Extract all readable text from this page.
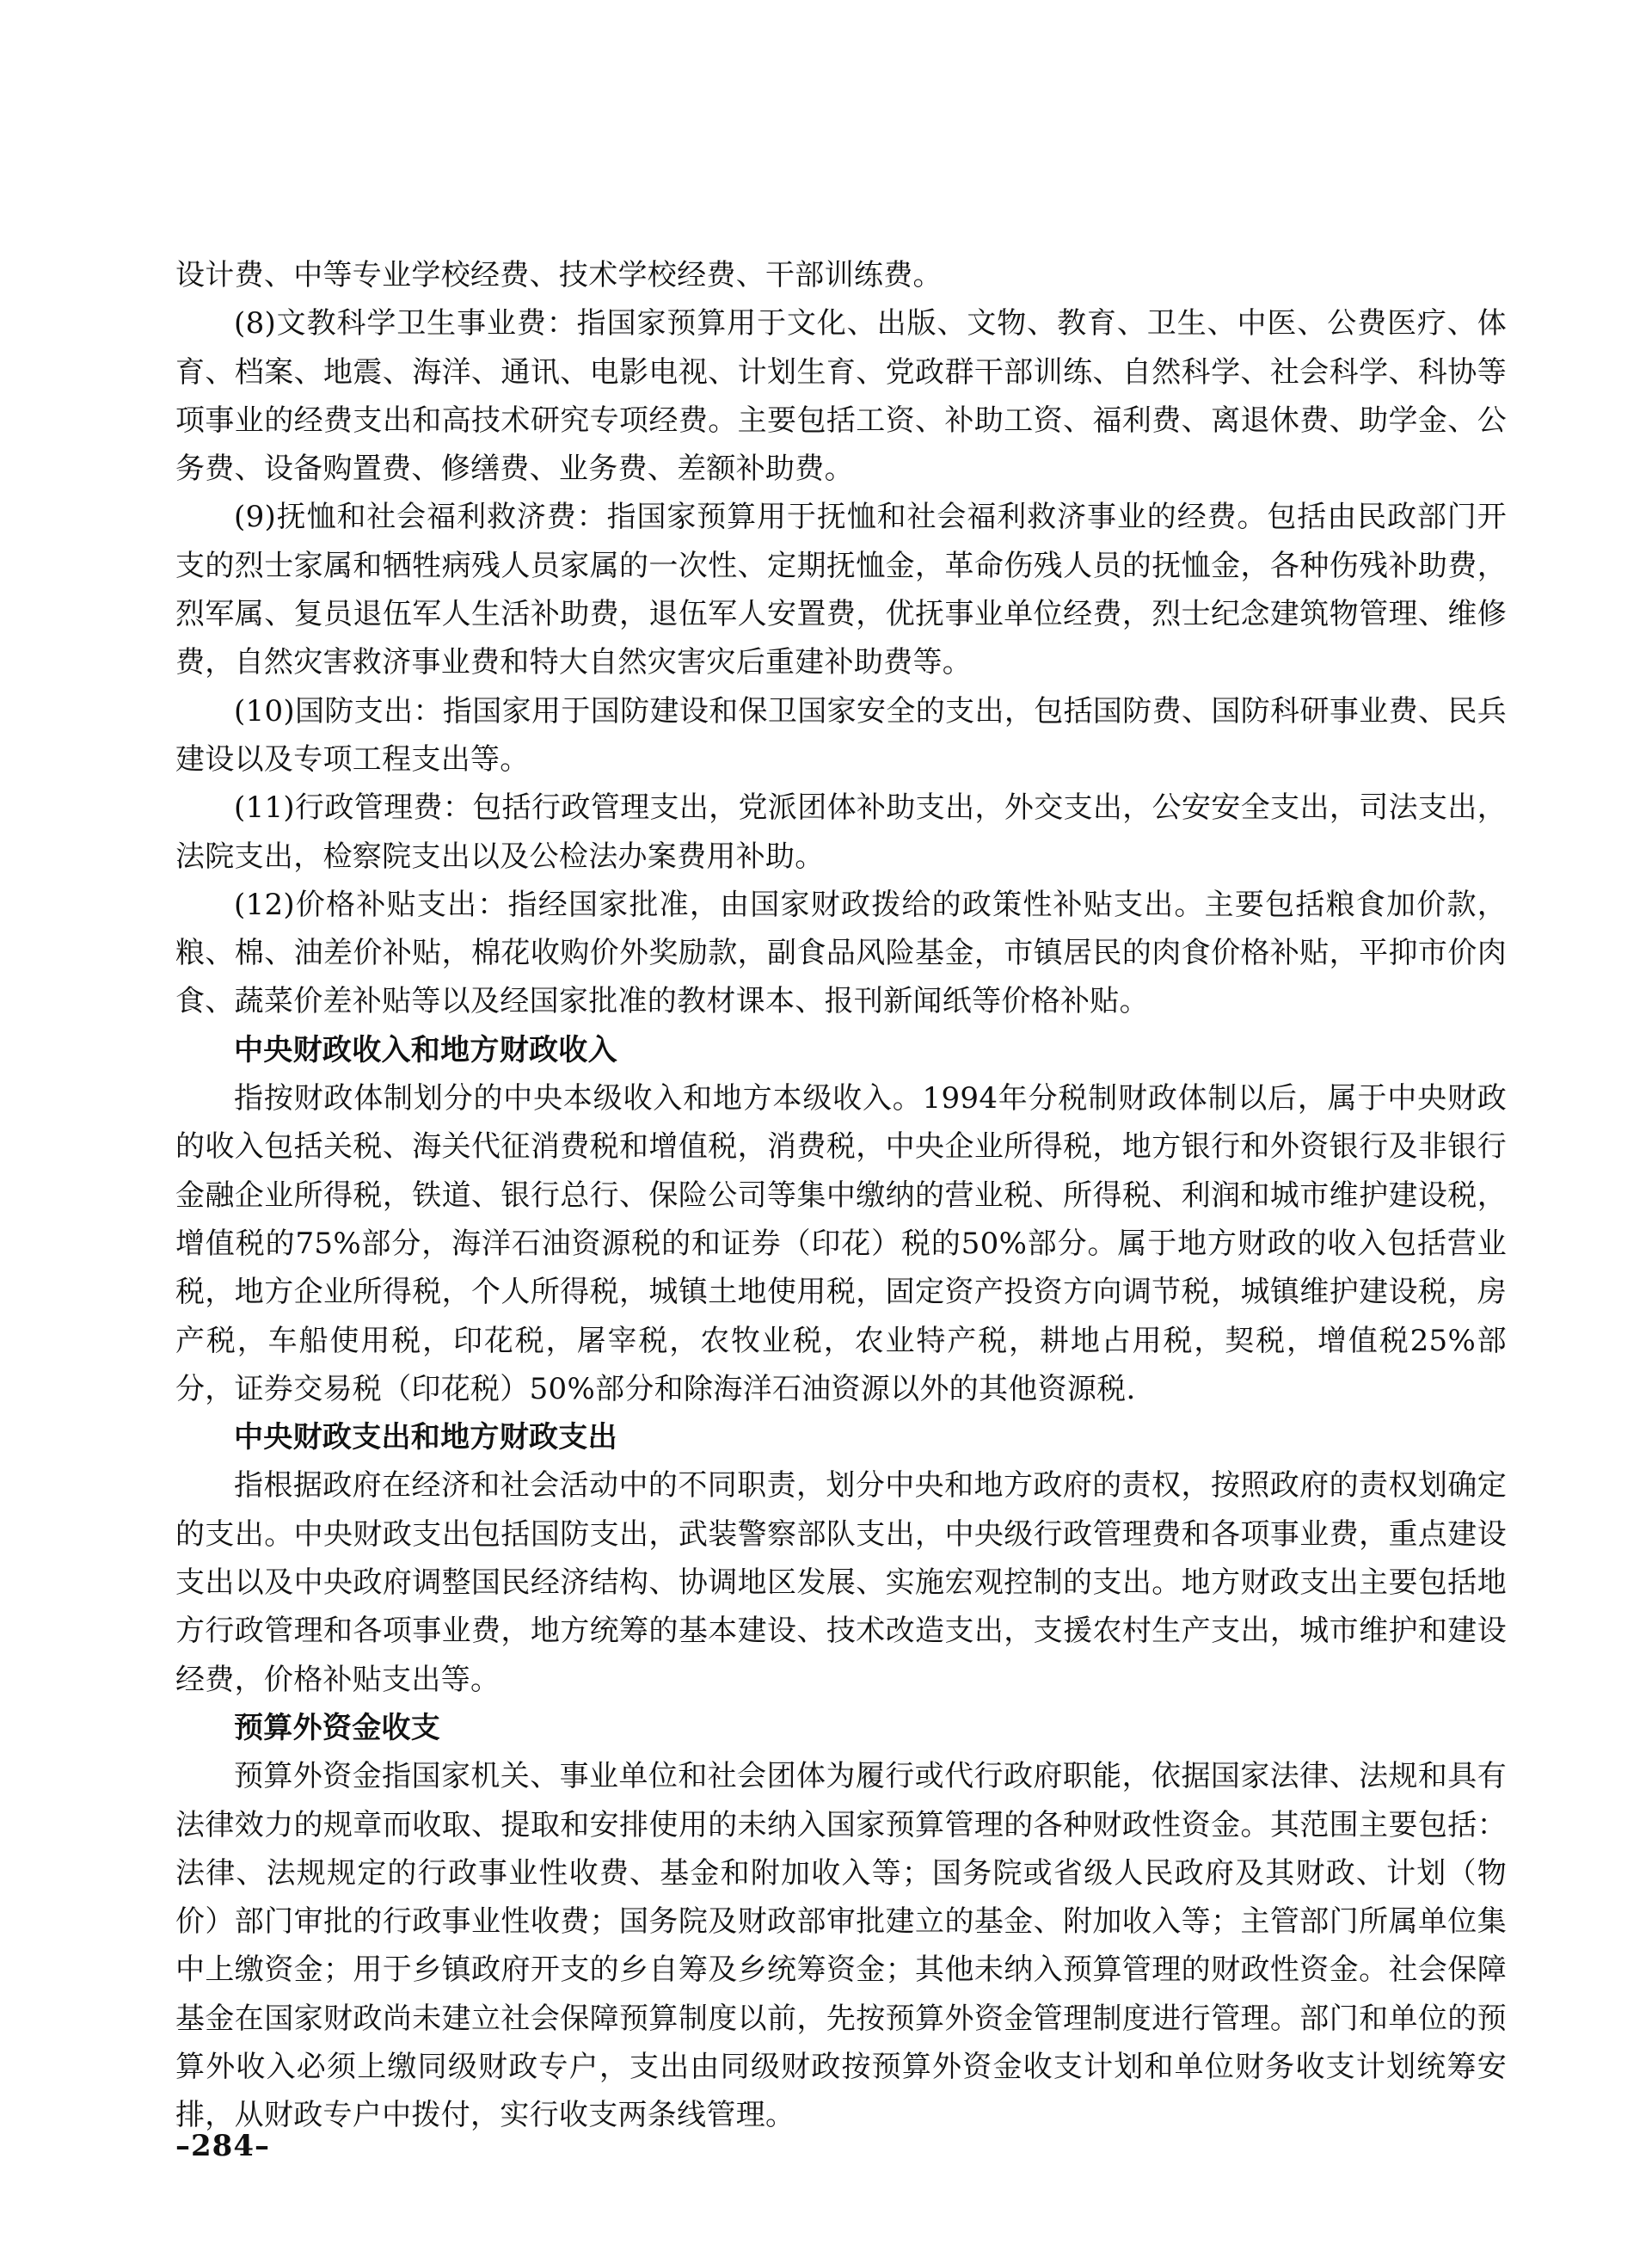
设计费、中等专业学校经费、技术学校经费、干部训练费。

(8)文教科学卫生事业费：指国家预算用于文化、出版、文物、教育、卫生、中医、公费医疗、体育、档案、地震、海洋、通讯、电影电视、计划生育、党政群干部训练、自然科学、社会科学、科协等项事业的经费支出和高技术研究专项经费。主要包括工资、补助工资、福利费、离退休费、助学金、公务费、设备购置费、修缮费、业务费、差额补助费。

(9)抚恤和社会福利救济费：指国家预算用于抚恤和社会福利救济事业的经费。包括由民政部门开支的烈士家属和牺牲病残人员家属的一次性、定期抚恤金，革命伤残人员的抚恤金，各种伤残补助费，烈军属、复员退伍军人生活补助费，退伍军人安置费，优抚事业单位经费，烈士纪念建筑物管理、维修费，自然灾害救济事业费和特大自然灾害灾后重建补助费等。

(10)国防支出：指国家用于国防建设和保卫国家安全的支出，包括国防费、国防科研事业费、民兵建设以及专项工程支出等。

(11)行政管理费：包括行政管理支出，党派团体补助支出，外交支出，公安安全支出，司法支出，法院支出，检察院支出以及公检法办案费用补助。

(12)价格补贴支出：指经国家批准，由国家财政拨给的政策性补贴支出。主要包括粮食加价款，粮、棉、油差价补贴，棉花收购价外奖励款，副食品风险基金，市镇居民的肉食价格补贴，平抑市价肉食、蔬菜价差补贴等以及经国家批准的教材课本、报刊新闻纸等价格补贴。

中央财政收入和地方财政收入

指按财政体制划分的中央本级收入和地方本级收入。1994年分税制财政体制以后，属于中央财政的收入包括关税、海关代征消费税和增值税，消费税，中央企业所得税，地方银行和外资银行及非银行金融企业所得税，铁道、银行总行、保险公司等集中缴纳的营业税、所得税、利润和城市维护建设税，增值税的75%部分，海洋石油资源税的和证券（印花）税的50%部分。属于地方财政的收入包括营业税，地方企业所得税，个人所得税，城镇土地使用税，固定资产投资方向调节税，城镇维护建设税，房产税，车船使用税，印花税，屠宰税，农牧业税，农业特产税，耕地占用税，契税，增值税25%部分，证券交易税（印花税）50%部分和除海洋石油资源以外的其他资源税.

中央财政支出和地方财政支出

指根据政府在经济和社会活动中的不同职责，划分中央和地方政府的责权，按照政府的责权划确定的支出。中央财政支出包括国防支出，武装警察部队支出，中央级行政管理费和各项事业费，重点建设支出以及中央政府调整国民经济结构、协调地区发展、实施宏观控制的支出。地方财政支出主要包括地方行政管理和各项事业费，地方统筹的基本建设、技术改造支出，支援农村生产支出，城市维护和建设经费，价格补贴支出等。

预算外资金收支

预算外资金指国家机关、事业单位和社会团体为履行或代行政府职能，依据国家法律、法规和具有法律效力的规章而收取、提取和安排使用的未纳入国家预算管理的各种财政性资金。其范围主要包括：法律、法规规定的行政事业性收费、基金和附加收入等；国务院或省级人民政府及其财政、计划（物价）部门审批的行政事业性收费；国务院及财政部审批建立的基金、附加收入等；主管部门所属单位集中上缴资金；用于乡镇政府开支的乡自筹及乡统筹资金；其他未纳入预算管理的财政性资金。社会保障基金在国家财政尚未建立社会保障预算制度以前，先按预算外资金管理制度进行管理。部门和单位的预算外收入必须上缴同级财政专户，支出由同级财政按预算外资金收支计划和单位财务收支计划统筹安排，从财政专户中拨付，实行收支两条线管理。

–284–
